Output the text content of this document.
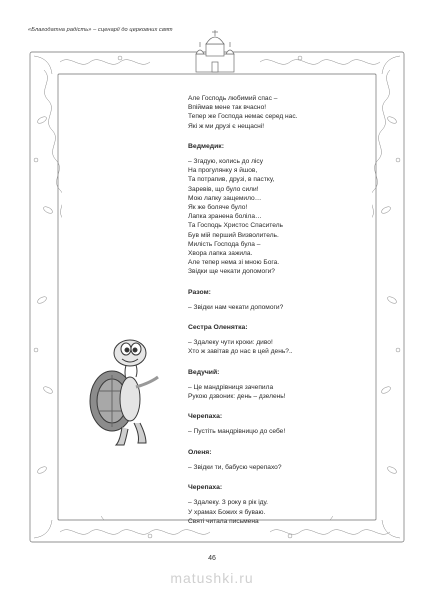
«Благодатна радість» – сценарії до церковних свят

Але Господь любимий спас –

Впіймав мене так вчасно!

Тепер же Господа немає серед нас.

Які ж ми друзі є нещасні!

Ведмедик:

– Згадую, колись до лісу

На прогулянку я йшов,

Та потрапив, друзі, в пастку,

Заревів, що було сили!

Мою лапку защемило…

Як же боляче було!

Лапка зранена боліла…

Та Господь Христос Спаситель

Був мій перший Визволитель.

Милість Господа була –

Хвора лапка зажила.

Але тепер нема зі мною Бога.

Звідки ще чекати допомоги?

Разом:

– Звідки нам чекати допомоги?

Сестра Оленятка:

– Здалеку чути кроки: диво!

Хто ж завітав до нас в цей день?..

Ведучий:

– Це мандрівниця зачепила

Рукою дзвоник: день – дзелень!

Черепаха:

– Пустіть мандрівницю до себе!

Оленя:

– Звідки ти, бабусю черепахо?

Черепаха:

– Здалеку. З року в рік іду.

У храмах Божих я буваю.

Святі читала письмена

46
matushki.ru
